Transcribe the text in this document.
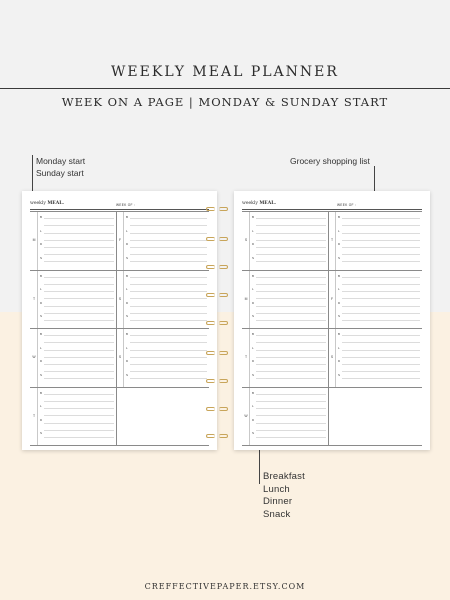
WEEKLY MEAL PLANNER
WEEK ON A PAGE | MONDAY & SUNDAY START
Monday start
Sunday start
Grocery shopping list
Breakfast
Lunch
Dinner
Snack
weekly MEAL.	WEEK OF :
M
B
L
D
S
T
B
L
D
S
W
B
L
D
S
T
B
L
D
S
F
B
L
D
S
S
B
L
D
S
S
B
L
D
S
weekly MEAL.	WEEK OF :
S
B
L
D
S
M
B
L
D
S
T
B
L
D
S
W
B
L
D
S
T
B
L
D
S
F
B
L
D
S
S
B
L
D
S
CREFFECTIVEPAPER.ETSY.COM
